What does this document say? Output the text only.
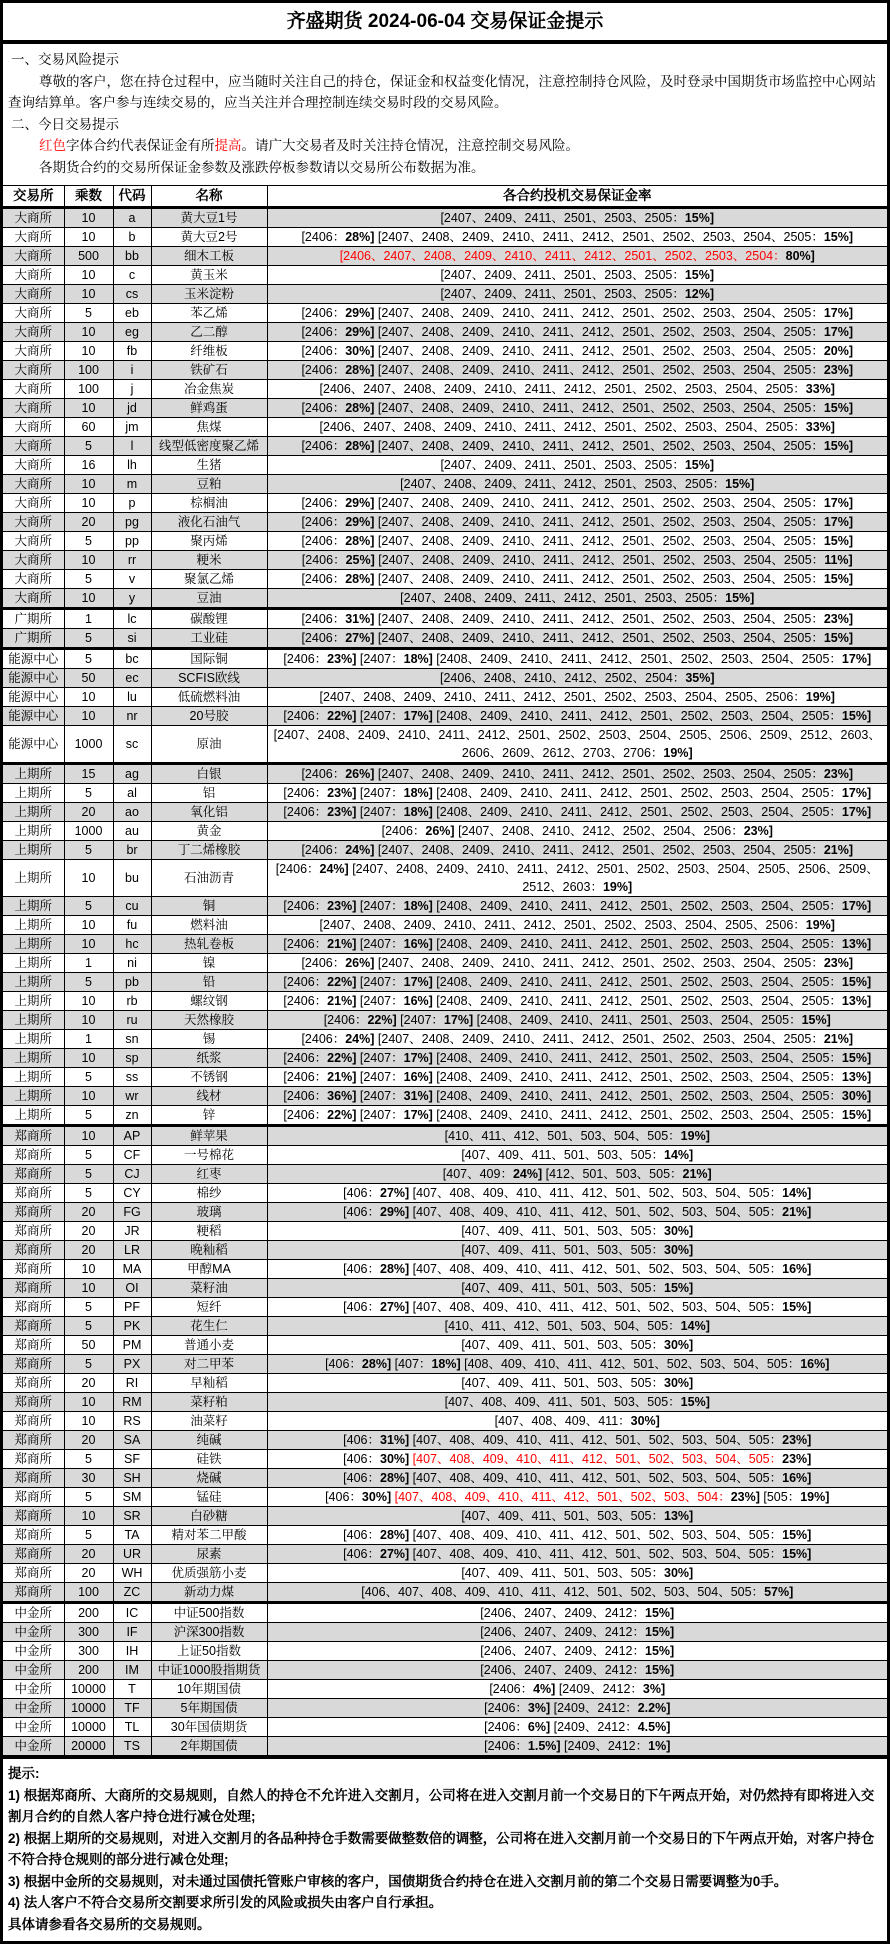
齐盛期货 2024-06-04 交易保证金提示
一、交易风险提示

尊敬的客户，您在持仓过程中，应当随时关注自己的持仓，保证金和权益变化情况，注意控制持仓风险，及时登录中国期货市场监控中心网站查询结算单。客户参与连续交易的，应当关注并合理控制连续交易时段的交易风险。

二、今日交易提示
红色字体合约代表保证金有所提高。请广大交易者及时关注持仓情况，注意控制交易风险。
各期货合约的交易所保证金参数及涨跌停板参数请以交易所公布数据为准。
交易所	乘数	代码	名称	各合约投机交易保证金率
大商所	10	a	黄大豆1号	[2407、2409、2411、2501、2503、2505：15%]
大商所	10	b	黄大豆2号	[2406：28%] [2407、2408、2409、2410、2411、2412、2501、2502、2503、2504、2505：15%]
大商所	500	bb	细木工板	[2406、2407、2408、2409、2410、2411、2412、2501、2502、2503、2504：80%]
大商所	10	c	黄玉米	[2407、2409、2411、2501、2503、2505：15%]
大商所	10	cs	玉米淀粉	[2407、2409、2411、2501、2503、2505：12%]
大商所	5	eb	苯乙烯	[2406：29%] [2407、2408、2409、2410、2411、2412、2501、2502、2503、2504、2505：17%]
大商所	10	eg	乙二醇	[2406：29%] [2407、2408、2409、2410、2411、2412、2501、2502、2503、2504、2505：17%]
大商所	10	fb	纤维板	[2406：30%] [2407、2408、2409、2410、2411、2412、2501、2502、2503、2504、2505：20%]
大商所	100	i	铁矿石	[2406：28%] [2407、2408、2409、2410、2411、2412、2501、2502、2503、2504、2505：23%]
大商所	100	j	冶金焦炭	[2406、2407、2408、2409、2410、2411、2412、2501、2502、2503、2504、2505：33%]
大商所	10	jd	鲜鸡蛋	[2406：28%] [2407、2408、2409、2410、2411、2412、2501、2502、2503、2504、2505：15%]
大商所	60	jm	焦煤	[2406、2407、2408、2409、2410、2411、2412、2501、2502、2503、2504、2505：33%]
大商所	5	l	线型低密度聚乙烯	[2406：28%] [2407、2408、2409、2410、2411、2412、2501、2502、2503、2504、2505：15%]
大商所	16	lh	生猪	[2407、2409、2411、2501、2503、2505：15%]
大商所	10	m	豆粕	[2407、2408、2409、2411、2412、2501、2503、2505：15%]
大商所	10	p	棕榈油	[2406：29%] [2407、2408、2409、2410、2411、2412、2501、2502、2503、2504、2505：17%]
大商所	20	pg	液化石油气	[2406：29%] [2407、2408、2409、2410、2411、2412、2501、2502、2503、2504、2505：17%]
大商所	5	pp	聚丙烯	[2406：28%] [2407、2408、2409、2410、2411、2412、2501、2502、2503、2504、2505：15%]
大商所	10	rr	粳米	[2406：25%] [2407、2408、2409、2410、2411、2412、2501、2502、2503、2504、2505：11%]
大商所	5	v	聚氯乙烯	[2406：28%] [2407、2408、2409、2410、2411、2412、2501、2502、2503、2504、2505：15%]
大商所	10	y	豆油	[2407、2408、2409、2411、2412、2501、2503、2505：15%]
广期所	1	lc	碳酸锂	[2406：31%] [2407、2408、2409、2410、2411、2412、2501、2502、2503、2504、2505：23%]
广期所	5	si	工业硅	[2406：27%] [2407、2408、2409、2410、2411、2412、2501、2502、2503、2504、2505：15%]
能源中心	5	bc	国际铜	[2406：23%] [2407：18%] [2408、2409、2410、2411、2412、2501、2502、2503、2504、2505：17%]
能源中心	50	ec	SCFIS欧线	[2406、2408、2410、2412、2502、2504：35%]
能源中心	10	lu	低硫燃料油	[2407、2408、2409、2410、2411、2412、2501、2502、2503、2504、2505、2506：19%]
能源中心	10	nr	20号胶	[2406：22%] [2407：17%] [2408、2409、2410、2411、2412、2501、2502、2503、2504、2505：15%]
能源中心	1000	sc	原油	[2407、2408、2409、2410、2411、2412、2501、2502、2503、2504、2505、2506、2509、2512、2603、2606、2609、2612、2703、2706：19%]
上期所	15	ag	白银	[2406：26%] [2407、2408、2409、2410、2411、2412、2501、2502、2503、2504、2505：23%]
上期所	5	al	铝	[2406：23%] [2407：18%] [2408、2409、2410、2411、2412、2501、2502、2503、2504、2505：17%]
上期所	20	ao	氧化铝	[2406：23%] [2407：18%] [2408、2409、2410、2411、2412、2501、2502、2503、2504、2505：17%]
上期所	1000	au	黄金	[2406：26%] [2407、2408、2410、2412、2502、2504、2506：23%]
上期所	5	br	丁二烯橡胶	[2406：24%] [2407、2408、2409、2410、2411、2412、2501、2502、2503、2504、2505：21%]
上期所	10	bu	石油沥青	[2406：24%] [2407、2408、2409、2410、2411、2412、2501、2502、2503、2504、2505、2506、2509、2512、2603：19%]
上期所	5	cu	铜	[2406：23%] [2407：18%] [2408、2409、2410、2411、2412、2501、2502、2503、2504、2505：17%]
上期所	10	fu	燃料油	[2407、2408、2409、2410、2411、2412、2501、2502、2503、2504、2505、2506：19%]
上期所	10	hc	热轧卷板	[2406：21%] [2407：16%] [2408、2409、2410、2411、2412、2501、2502、2503、2504、2505：13%]
上期所	1	ni	镍	[2406：26%] [2407、2408、2409、2410、2411、2412、2501、2502、2503、2504、2505：23%]
上期所	5	pb	铅	[2406：22%] [2407：17%] [2408、2409、2410、2411、2412、2501、2502、2503、2504、2505：15%]
上期所	10	rb	螺纹钢	[2406：21%] [2407：16%] [2408、2409、2410、2411、2412、2501、2502、2503、2504、2505：13%]
上期所	10	ru	天然橡胶	[2406：22%] [2407：17%] [2408、2409、2410、2411、2501、2503、2504、2505：15%]
上期所	1	sn	锡	[2406：24%] [2407、2408、2409、2410、2411、2412、2501、2502、2503、2504、2505：21%]
上期所	10	sp	纸浆	[2406：22%] [2407：17%] [2408、2409、2410、2411、2412、2501、2502、2503、2504、2505：15%]
上期所	5	ss	不锈钢	[2406：21%] [2407：16%] [2408、2409、2410、2411、2412、2501、2502、2503、2504、2505：13%]
上期所	10	wr	线材	[2406：36%] [2407：31%] [2408、2409、2410、2411、2412、2501、2502、2503、2504、2505：30%]
上期所	5	zn	锌	[2406：22%] [2407：17%] [2408、2409、2410、2411、2412、2501、2502、2503、2504、2505：15%]
郑商所	10	AP	鲜苹果	[410、411、412、501、503、504、505：19%]
郑商所	5	CF	一号棉花	[407、409、411、501、503、505：14%]
郑商所	5	CJ	红枣	[407、409：24%] [412、501、503、505：21%]
郑商所	5	CY	棉纱	[406：27%] [407、408、409、410、411、412、501、502、503、504、505：14%]
郑商所	20	FG	玻璃	[406：29%] [407、408、409、410、411、412、501、502、503、504、505：21%]
郑商所	20	JR	粳稻	[407、409、411、501、503、505：30%]
郑商所	20	LR	晚籼稻	[407、409、411、501、503、505：30%]
郑商所	10	MA	甲醇MA	[406：28%] [407、408、409、410、411、412、501、502、503、504、505：16%]
郑商所	10	OI	菜籽油	[407、409、411、501、503、505：15%]
郑商所	5	PF	短纤	[406：27%] [407、408、409、410、411、412、501、502、503、504、505：15%]
郑商所	5	PK	花生仁	[410、411、412、501、503、504、505：14%]
郑商所	50	PM	普通小麦	[407、409、411、501、503、505：30%]
郑商所	5	PX	对二甲苯	[406：28%] [407：18%] [408、409、410、411、412、501、502、503、504、505：16%]
郑商所	20	RI	早籼稻	[407、409、411、501、503、505：30%]
郑商所	10	RM	菜籽粕	[407、408、409、411、501、503、505：15%]
郑商所	10	RS	油菜籽	[407、408、409、411：30%]
郑商所	20	SA	纯碱	[406：31%] [407、408、409、410、411、412、501、502、503、504、505：23%]
郑商所	5	SF	硅铁	[406：30%] [407、408、409、410、411、412、501、502、503、504、505：23%]
郑商所	30	SH	烧碱	[406：28%] [407、408、409、410、411、412、501、502、503、504、505：16%]
郑商所	5	SM	锰硅	[406：30%] [407、408、409、410、411、412、501、502、503、504：23%] [505：19%]
郑商所	10	SR	白砂糖	[407、409、411、501、503、505：13%]
郑商所	5	TA	精对苯二甲酸	[406：28%] [407、408、409、410、411、412、501、502、503、504、505：15%]
郑商所	20	UR	尿素	[406：27%] [407、408、409、410、411、412、501、502、503、504、505：15%]
郑商所	20	WH	优质强筋小麦	[407、409、411、501、503、505：30%]
郑商所	100	ZC	新动力煤	[406、407、408、409、410、411、412、501、502、503、504、505：57%]
中金所	200	IC	中证500指数	[2406、2407、2409、2412：15%]
中金所	300	IF	沪深300指数	[2406、2407、2409、2412：15%]
中金所	300	IH	上证50指数	[2406、2407、2409、2412：15%]
中金所	200	IM	中证1000股指期货	[2406、2407、2409、2412：15%]
中金所	10000	T	10年期国债	[2406：4%] [2409、2412：3%]
中金所	10000	TF	5年期国债	[2406：3%] [2409、2412：2.2%]
中金所	10000	TL	30年国债期货	[2406：6%] [2409、2412：4.5%]
中金所	20000	TS	2年期国债	[2406：1.5%] [2409、2412：1%]
提示:
1) 根据郑商所、大商所的交易规则，自然人的持仓不允许进入交割月，公司将在进入交割月前一个交易日的下午两点开始，对仍然持有即将进入交割月合约的自然人客户持仓进行减仓处理;
2) 根据上期所的交易规则，对进入交割月的各品种持仓手数需要做整数倍的调整，公司将在进入交割月前一个交易日的下午两点开始，对客户持仓不符合持仓规则的部分进行减仓处理;
3) 根据中金所的交易规则，对未通过国债托管账户审核的客户，国债期货合约持仓在进入交割月前的第二个交易日需要调整为0手。
4) 法人客户不符合交易所交割要求所引发的风险或损失由客户自行承担。
具体请参看各交易所的交易规则。
